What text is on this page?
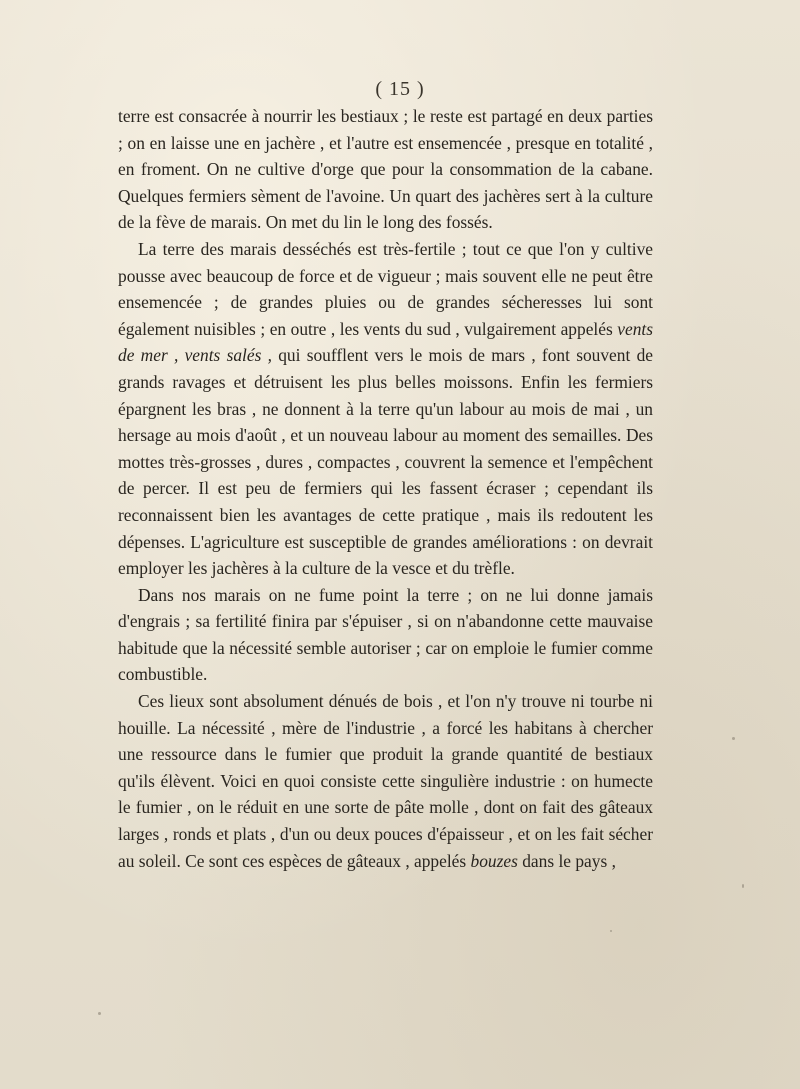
( 15 )

terre est consacrée à nourrir les bestiaux ; le reste est partagé en deux parties ; on en laisse une en jachère , et l'autre est ensemencée , presque en totalité , en froment. On ne cultive d'orge que pour la consommation de la cabane. Quelques fermiers sèment de l'avoine. Un quart des jachères sert à la culture de la fève de marais. On met du lin le long des fossés.

La terre des marais desséchés est très-fertile ; tout ce que l'on y cultive pousse avec beaucoup de force et de vigueur ; mais souvent elle ne peut être ensemencée ; de grandes pluies ou de grandes sécheresses lui sont également nuisibles ; en outre , les vents du sud , vulgairement appelés vents de mer , vents salés , qui soufflent vers le mois de mars , font souvent de grands ravages et détruisent les plus belles moissons. Enfin les fermiers épargnent les bras , ne donnent à la terre qu'un labour au mois de mai , un hersage au mois d'août , et un nouveau labour au moment des semailles. Des mottes très-grosses , dures , compactes , couvrent la semence et l'empêchent de percer. Il est peu de fermiers qui les fassent écraser ; cependant ils reconnaissent bien les avantages de cette pratique , mais ils redoutent les dépenses. L'agriculture est susceptible de grandes améliorations : on devrait employer les jachères à la culture de la vesce et du trèfle.

Dans nos marais on ne fume point la terre ; on ne lui donne jamais d'engrais ; sa fertilité finira par s'épuiser , si on n'abandonne cette mauvaise habitude que la nécessité semble autoriser ; car on emploie le fumier comme combustible.

Ces lieux sont absolument dénués de bois , et l'on n'y trouve ni tourbe ni houille. La nécessité , mère de l'industrie , a forcé les habitans à chercher une ressource dans le fumier que produit la grande quantité de bestiaux qu'ils élèvent. Voici en quoi consiste cette singulière industrie : on humecte le fumier , on le réduit en une sorte de pâte molle , dont on fait des gâteaux larges , ronds et plats , d'un ou deux pouces d'épaisseur , et on les fait sécher au soleil. Ce sont ces espèces de gâteaux , appelés bouzes dans le pays ,
